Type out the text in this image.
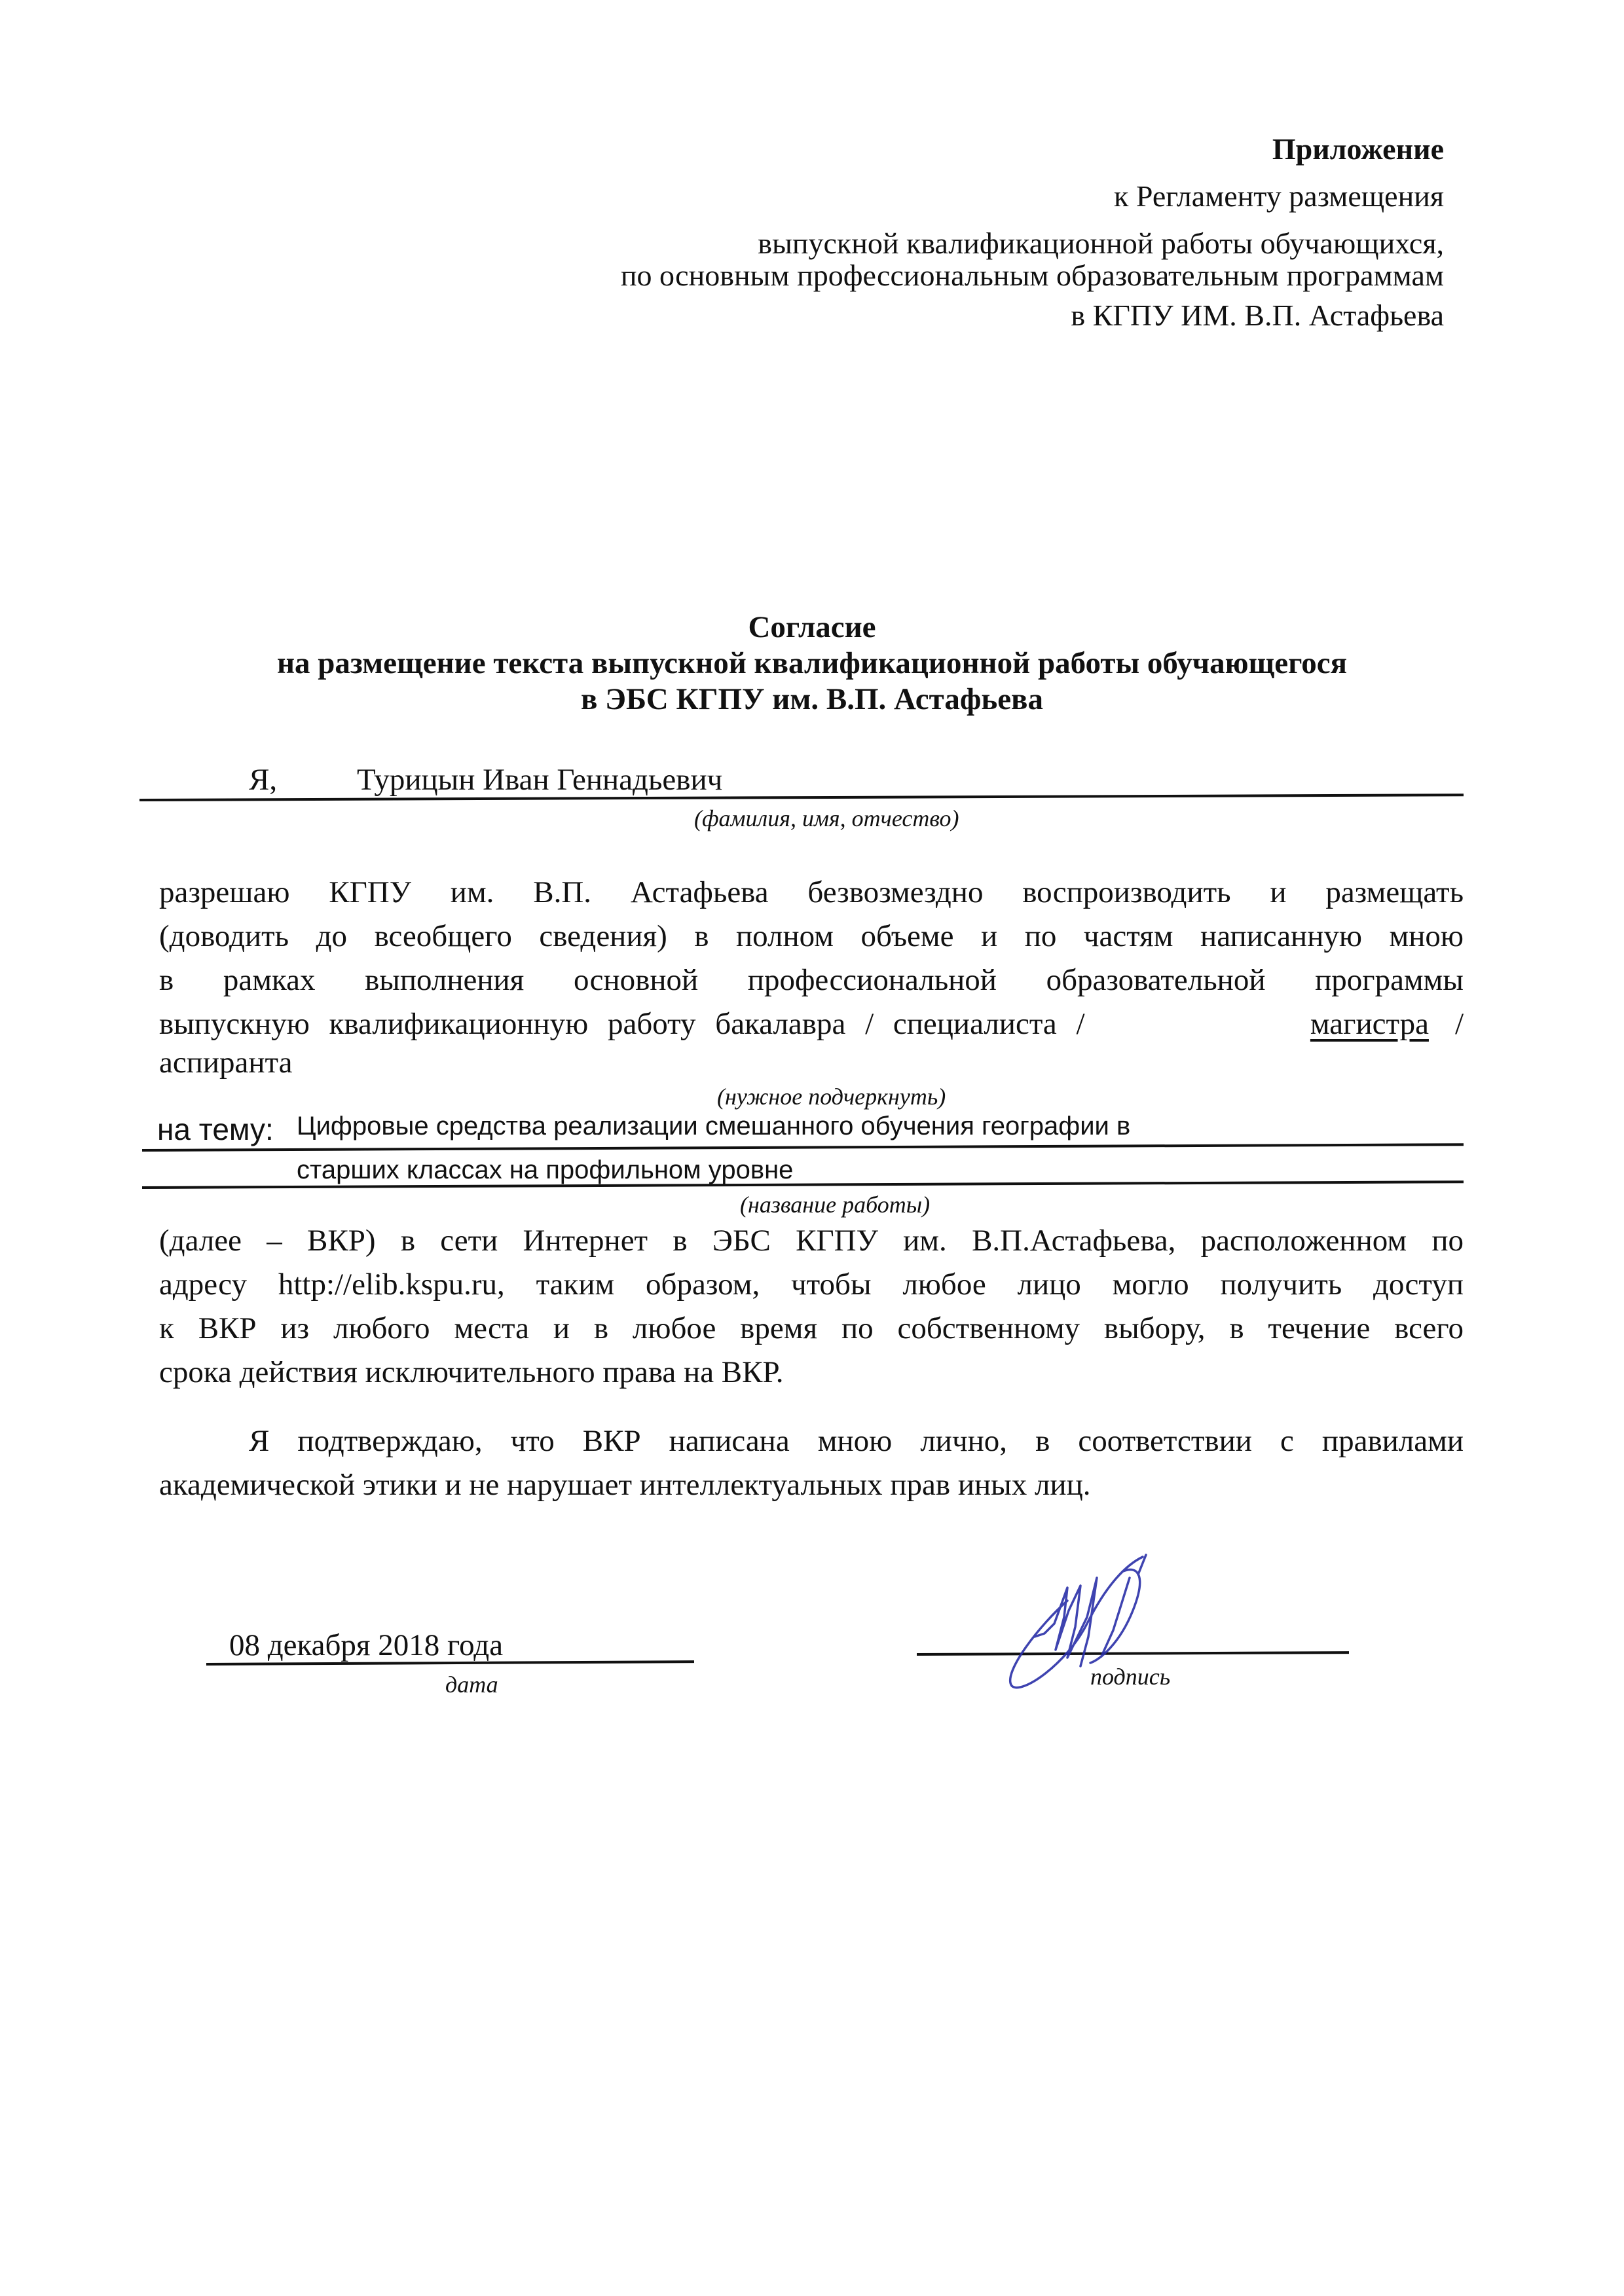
Приложение
к Регламенту размещения
выпускной квалификационной работы обучающихся,
по основным профессиональным образовательным программам
в КГПУ ИМ. В.П. Астафьева
Согласие
на размещение текста выпускной квалификационной работы обучающегося
в ЭБС КГПУ им. В.П. Астафьева
Я,	Турицын Иван Геннадьевич
(фамилия, имя, отчество)
разрешаю КГПУ им. В.П. Астафьева безвозмездно воспроизводить и размещать
(доводить до всеобщего сведения) в полном объеме и по частям написанную мною
в рамках выполнения основной профессиональной образовательной программы
выпускную квалификационную работу бакалавра / специалиста /	магистра /
аспиранта
(нужное подчеркнуть)
на тему: Цифровые средства реализации смешанного обучения географии в
старших классах на профильном уровне
(название работы)
(далее – ВКР) в сети Интернет в ЭБС КГПУ им. В.П.Астафьева, расположенном по
адресу http://elib.kspu.ru, таким образом, чтобы любое лицо могло получить доступ
к ВКР из любого места и в любое время по собственному выбору, в течение всего
срока действия исключительного права на ВКР.
Я подтверждаю, что ВКР написана мною лично, в соответствии с правилами
академической этики и не нарушает интеллектуальных прав иных лиц.
08 декабря 2018 года
дата	подпись
